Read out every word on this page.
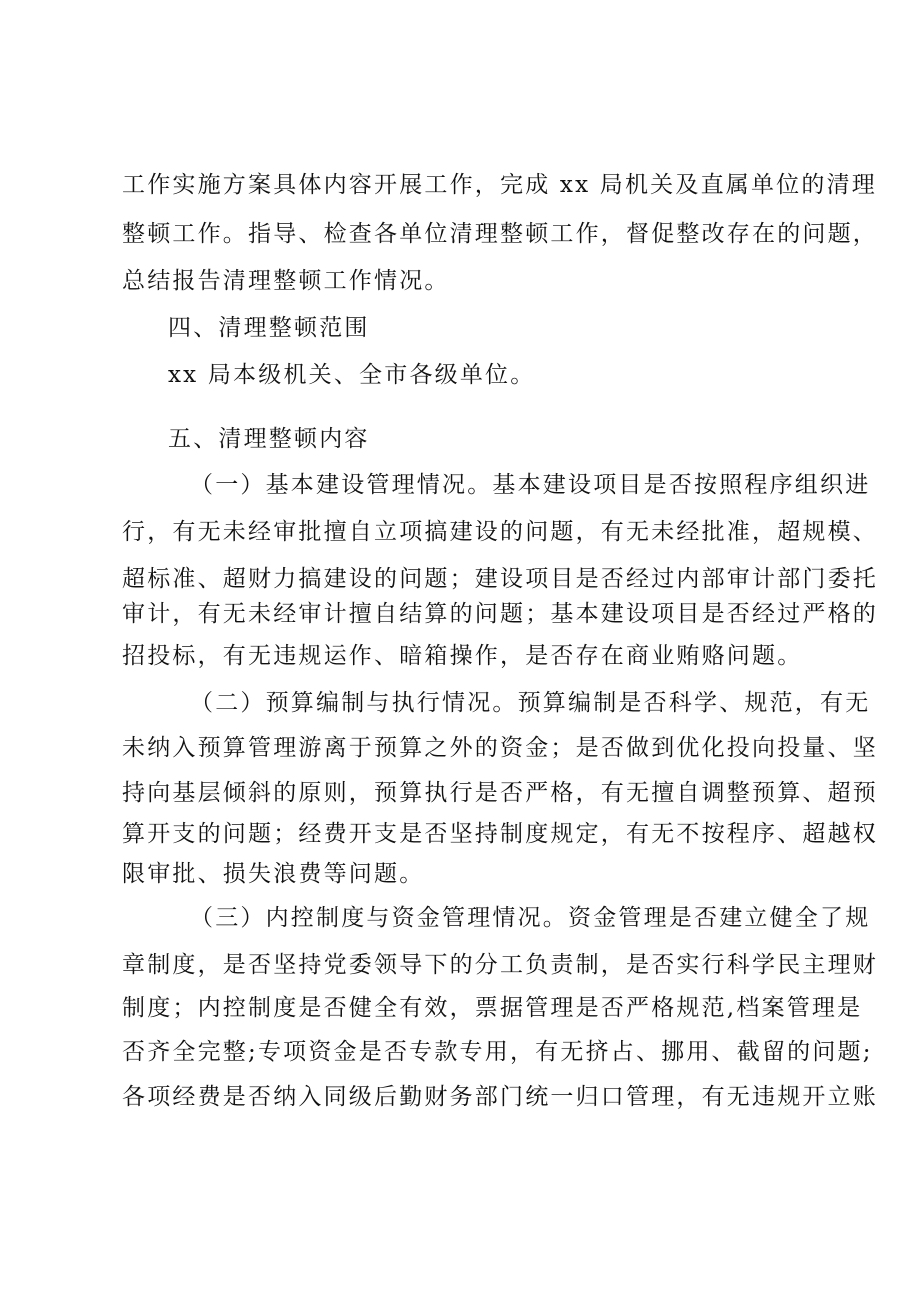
工作实施方案具体内容开展工作，完成 xx 局机关及直属单位的清理
整顿工作。指导、检查各单位清理整顿工作，督促整改存在的问题，
总结报告清理整顿工作情况。
四、清理整顿范围
xx 局本级机关、全市各级单位。
五、清理整顿内容
（一）基本建设管理情况。基本建设项目是否按照程序组织进
行，有无未经审批擅自立项搞建设的问题，有无未经批准，超规模、
超标准、超财力搞建设的问题；建设项目是否经过内部审计部门委托
审计，有无未经审计擅自结算的问题；基本建设项目是否经过严格的
招投标，有无违规运作、暗箱操作，是否存在商业贿赂问题。
（二）预算编制与执行情况。预算编制是否科学、规范，有无
未纳入预算管理游离于预算之外的资金；是否做到优化投向投量、坚
持向基层倾斜的原则，预算执行是否严格，有无擅自调整预算、超预
算开支的问题；经费开支是否坚持制度规定，有无不按程序、超越权
限审批、损失浪费等问题。
（三）内控制度与资金管理情况。资金管理是否建立健全了规
章制度，是否坚持党委领导下的分工负责制，是否实行科学民主理财
制度；内控制度是否健全有效，票据管理是否严格规范,档案管理是
否齐全完整;专项资金是否专款专用，有无挤占、挪用、截留的问题;
各项经费是否纳入同级后勤财务部门统一归口管理，有无违规开立账
